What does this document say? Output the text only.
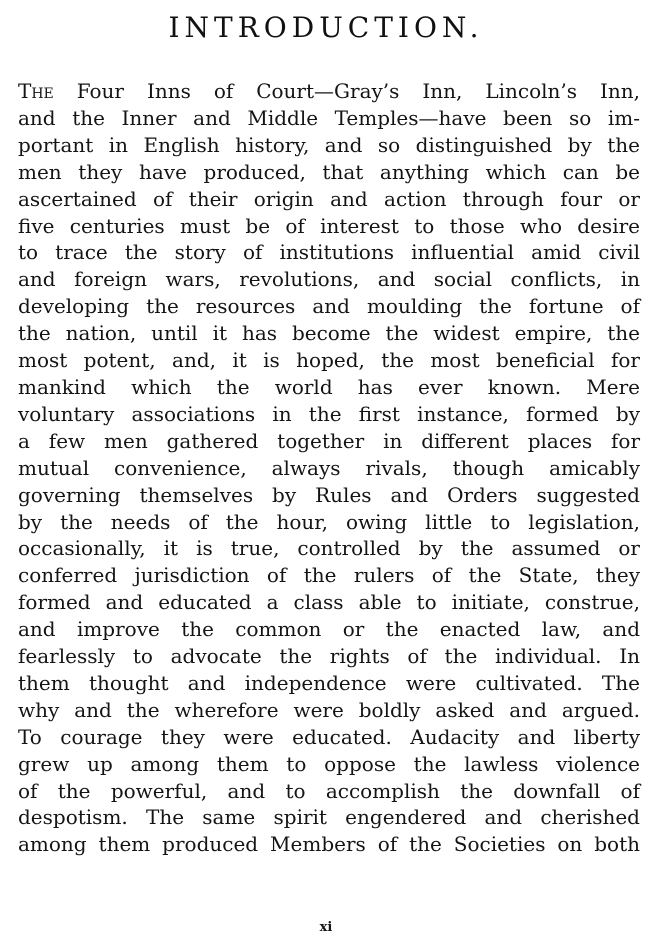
INTRODUCTION.
The Four Inns of Court—Gray’s Inn, Lincoln’s Inn,
and the Inner and Middle Temples—have been so im-
portant in English history, and so distinguished by the
men they have produced, that anything which can be
ascertained of their origin and action through four or
five centuries must be of interest to those who desire
to trace the story of institutions influential amid civil
and foreign wars, revolutions, and social conflicts, in
developing the resources and moulding the fortune of
the nation, until it has become the widest empire, the
most potent, and, it is hoped, the most beneficial for
mankind which the world has ever known. Mere
voluntary associations in the first instance, formed by
a few men gathered together in different places for
mutual convenience, always rivals, though amicably
governing themselves by Rules and Orders suggested
by the needs of the hour, owing little to legislation,
occasionally, it is true, controlled by the assumed or
conferred jurisdiction of the rulers of the State, they
formed and educated a class able to initiate, construe,
and improve the common or the enacted law, and
fearlessly to advocate the rights of the individual. In
them thought and independence were cultivated. The
why and the wherefore were boldly asked and argued.
To courage they were educated. Audacity and liberty
grew up among them to oppose the lawless violence
of the powerful, and to accomplish the downfall of
despotism. The same spirit engendered and cherished
among them produced Members of the Societies on both
xi
